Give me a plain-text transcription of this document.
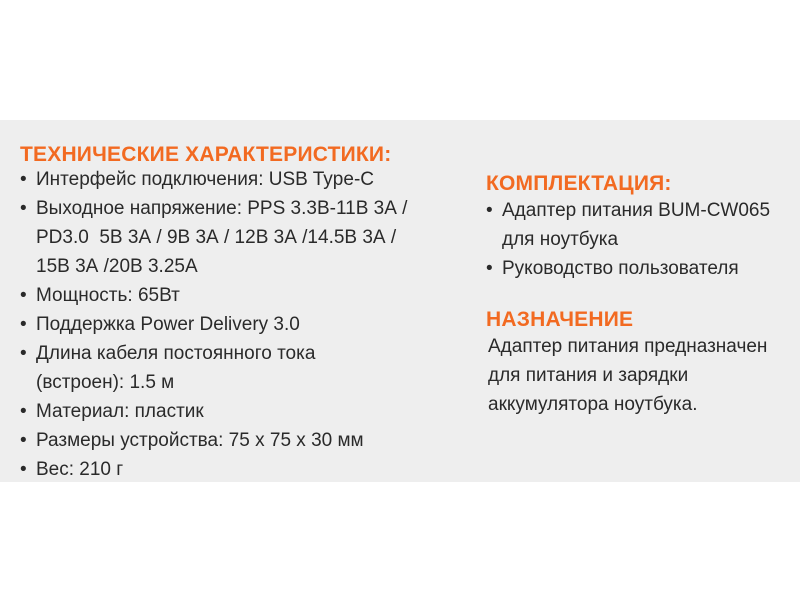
ТЕХНИЧЕСКИЕ ХАРАКТЕРИСТИКИ:
• Интерфейс подключения: USB Type-C
• Выходное напряжение: PPS 3.3В-11В 3А /
PD3.0  5В 3А / 9В 3А / 12В 3А /14.5В 3А /
15В 3А /20В 3.25А
• Мощность: 65Вт
• Поддержка Power Delivery 3.0
• Длина кабеля постоянного тока
(встроен): 1.5 м
• Материал: пластик
• Размеры устройства: 75 х 75 х 30 мм
• Вес: 210 г
КОМПЛЕКТАЦИЯ:
• Адаптер питания BUM-CW065
для ноутбука
• Руководство пользователя
НАЗНАЧЕНИЕ

Адаптер питания предназначен
для питания и зарядки
аккумулятора ноутбука.
